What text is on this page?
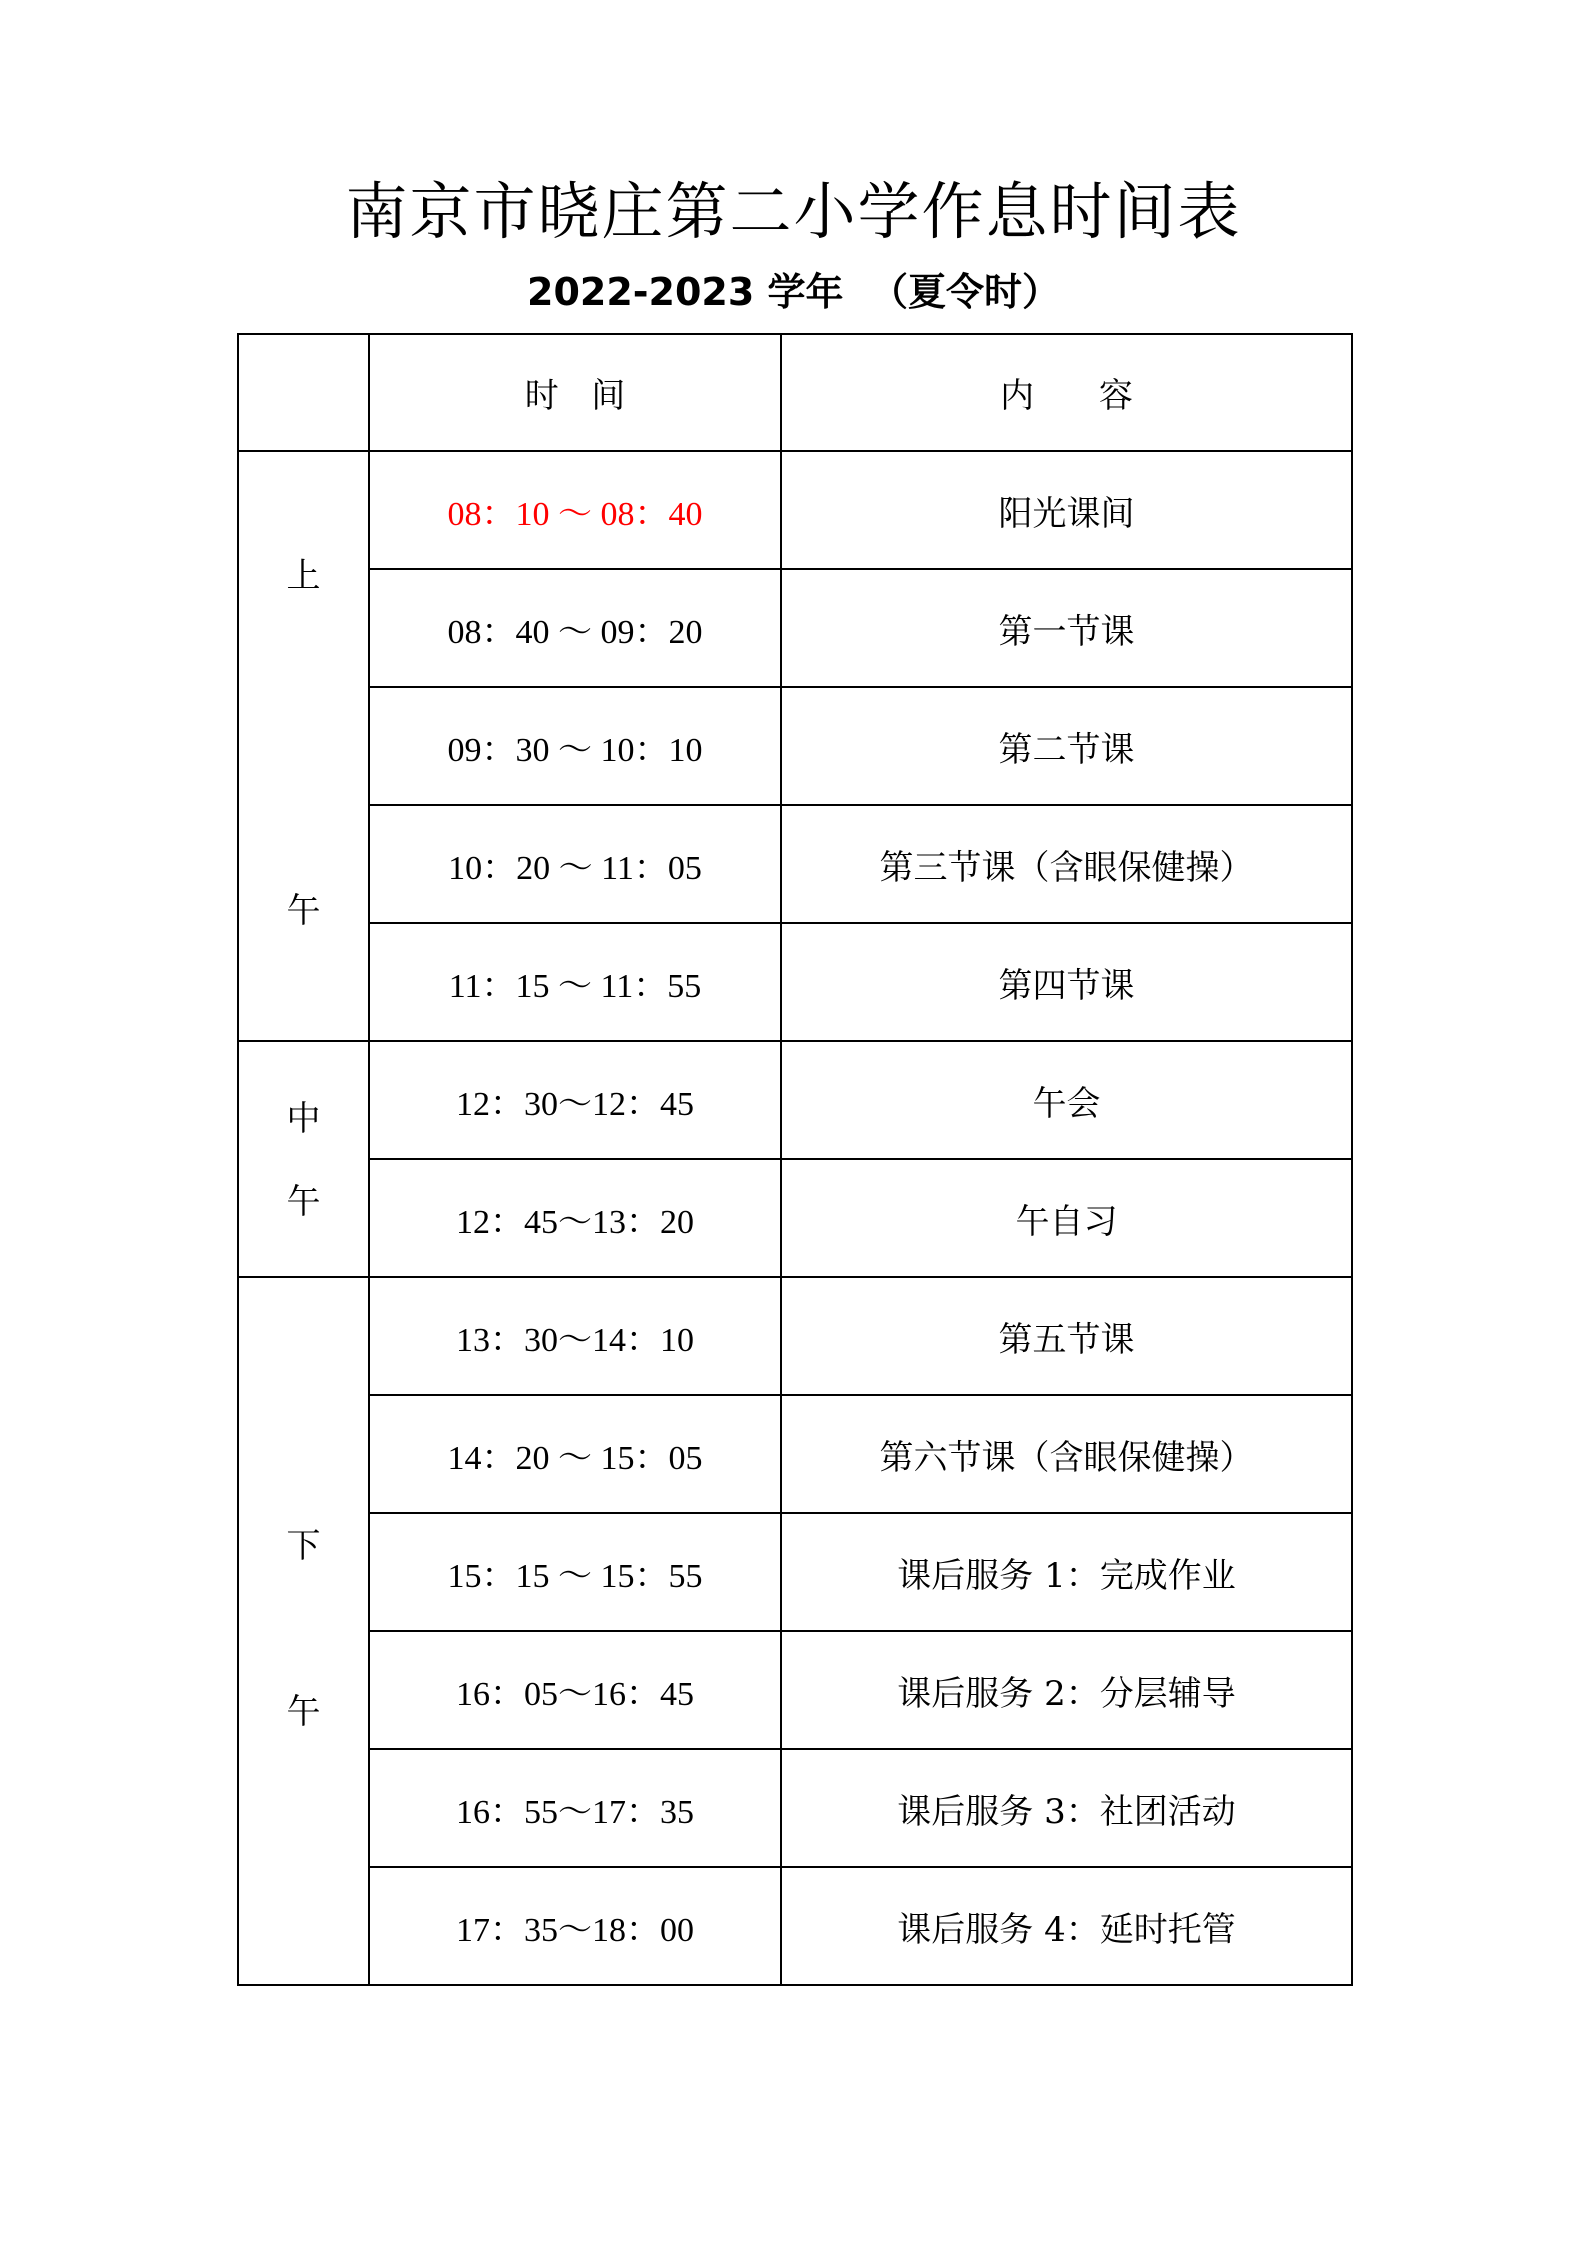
南京市晓庄第二小学作息时间表
2022-2023 学年  （夏令时）
	时   间	内      容

上

午	08：10 ～ 08：40	阳光课间
	08：40 ～ 09：20	第一节课
	09：30 ～ 10：10	第二节课
	10：20 ～ 11：05	第三节课（含眼保健操）
	11：15 ～ 11：55	第四节课

中

午	12：30～12：45	午会
	12：45～13：20	午自习

下

午	13：30～14：10	第五节课
	14：20 ～ 15：05	第六节课（含眼保健操）
	15：15 ～ 15：55	课后服务 1：完成作业
	16：05～16：45	课后服务 2：分层辅导
	16：55～17：35	课后服务 3：社团活动
	17：35～18：00	课后服务 4：延时托管
